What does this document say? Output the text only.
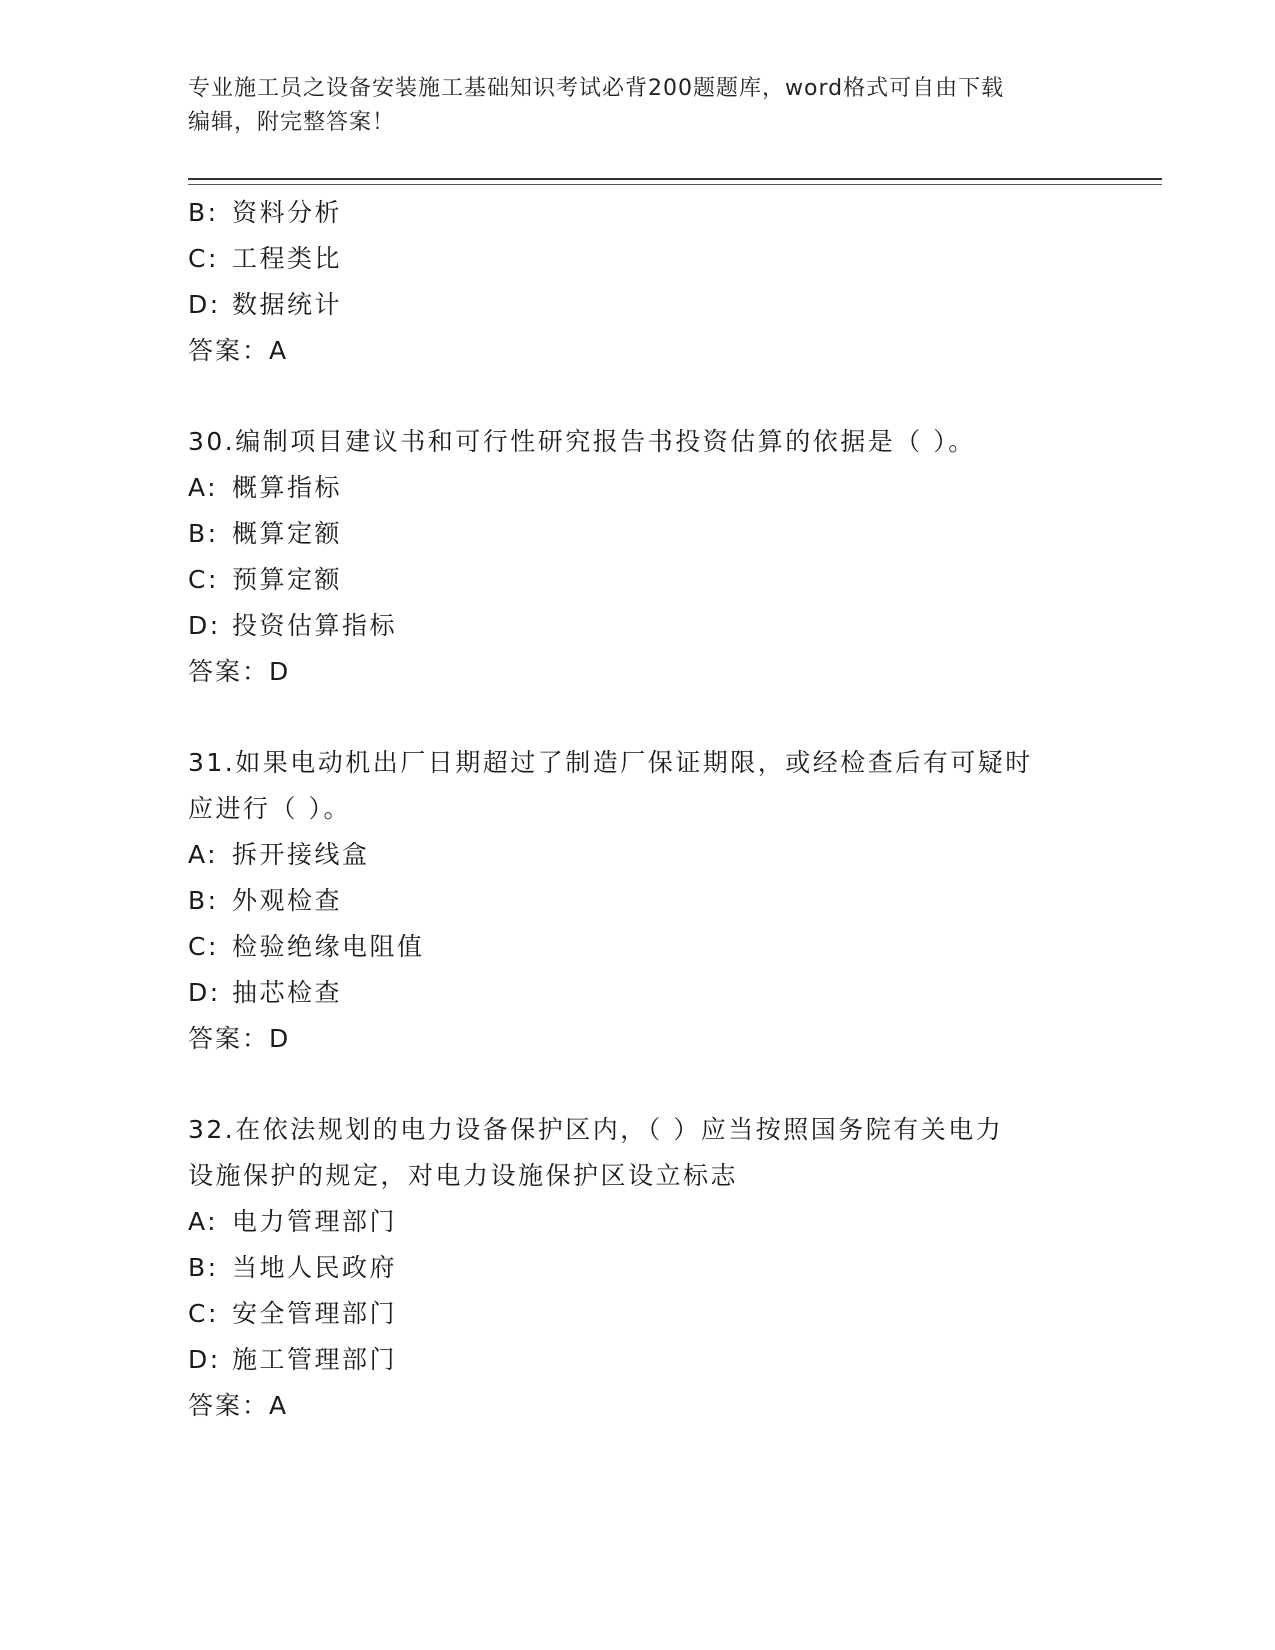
专业施工员之设备安装施工基础知识考试必背200题题库，word格式可自由下载
编辑，附完整答案！
B: 资料分析
C: 工程类比
D: 数据统计
答案：A
30.编制项目建议书和可行性研究报告书投资估算的依据是（ ）。
A: 概算指标
B: 概算定额
C: 预算定额
D: 投资估算指标
答案：D
31.如果电动机出厂日期超过了制造厂保证期限，或经检查后有可疑时
应进行（ ）。
A: 拆开接线盒
B: 外观检查
C: 检验绝缘电阻值
D: 抽芯检查
答案：D
32.在依法规划的电力设备保护区内，（ ）应当按照国务院有关电力
设施保护的规定，对电力设施保护区设立标志
A: 电力管理部门
B: 当地人民政府
C: 安全管理部门
D: 施工管理部门
答案：A
